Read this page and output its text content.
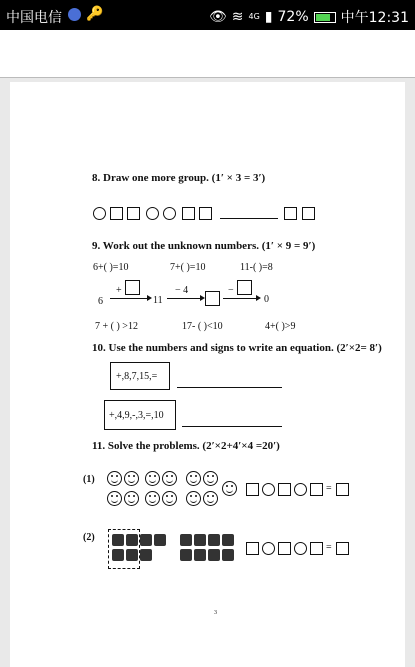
中国电信 🔑	👁 ≋ 4G ▮ 72% 中午12:31
8. Draw one more group. (1′ × 3 = 3′)
9. Work out the unknown numbers. (1′ × 9 = 9′)
6+( )=10	7+( )=10	11-( )=8
6
+
11
− 4	−
0
7 + ( ) >12	17- ( )<10	4+( )>9
10. Use the numbers and signs to write an equation. (2′×2= 8′)
+,8,7,15,=
+,4,9,-,3,=,10
11. Solve the problems. (2′×2+4′×4 =20′)
(1)
=
(2)
=
3
